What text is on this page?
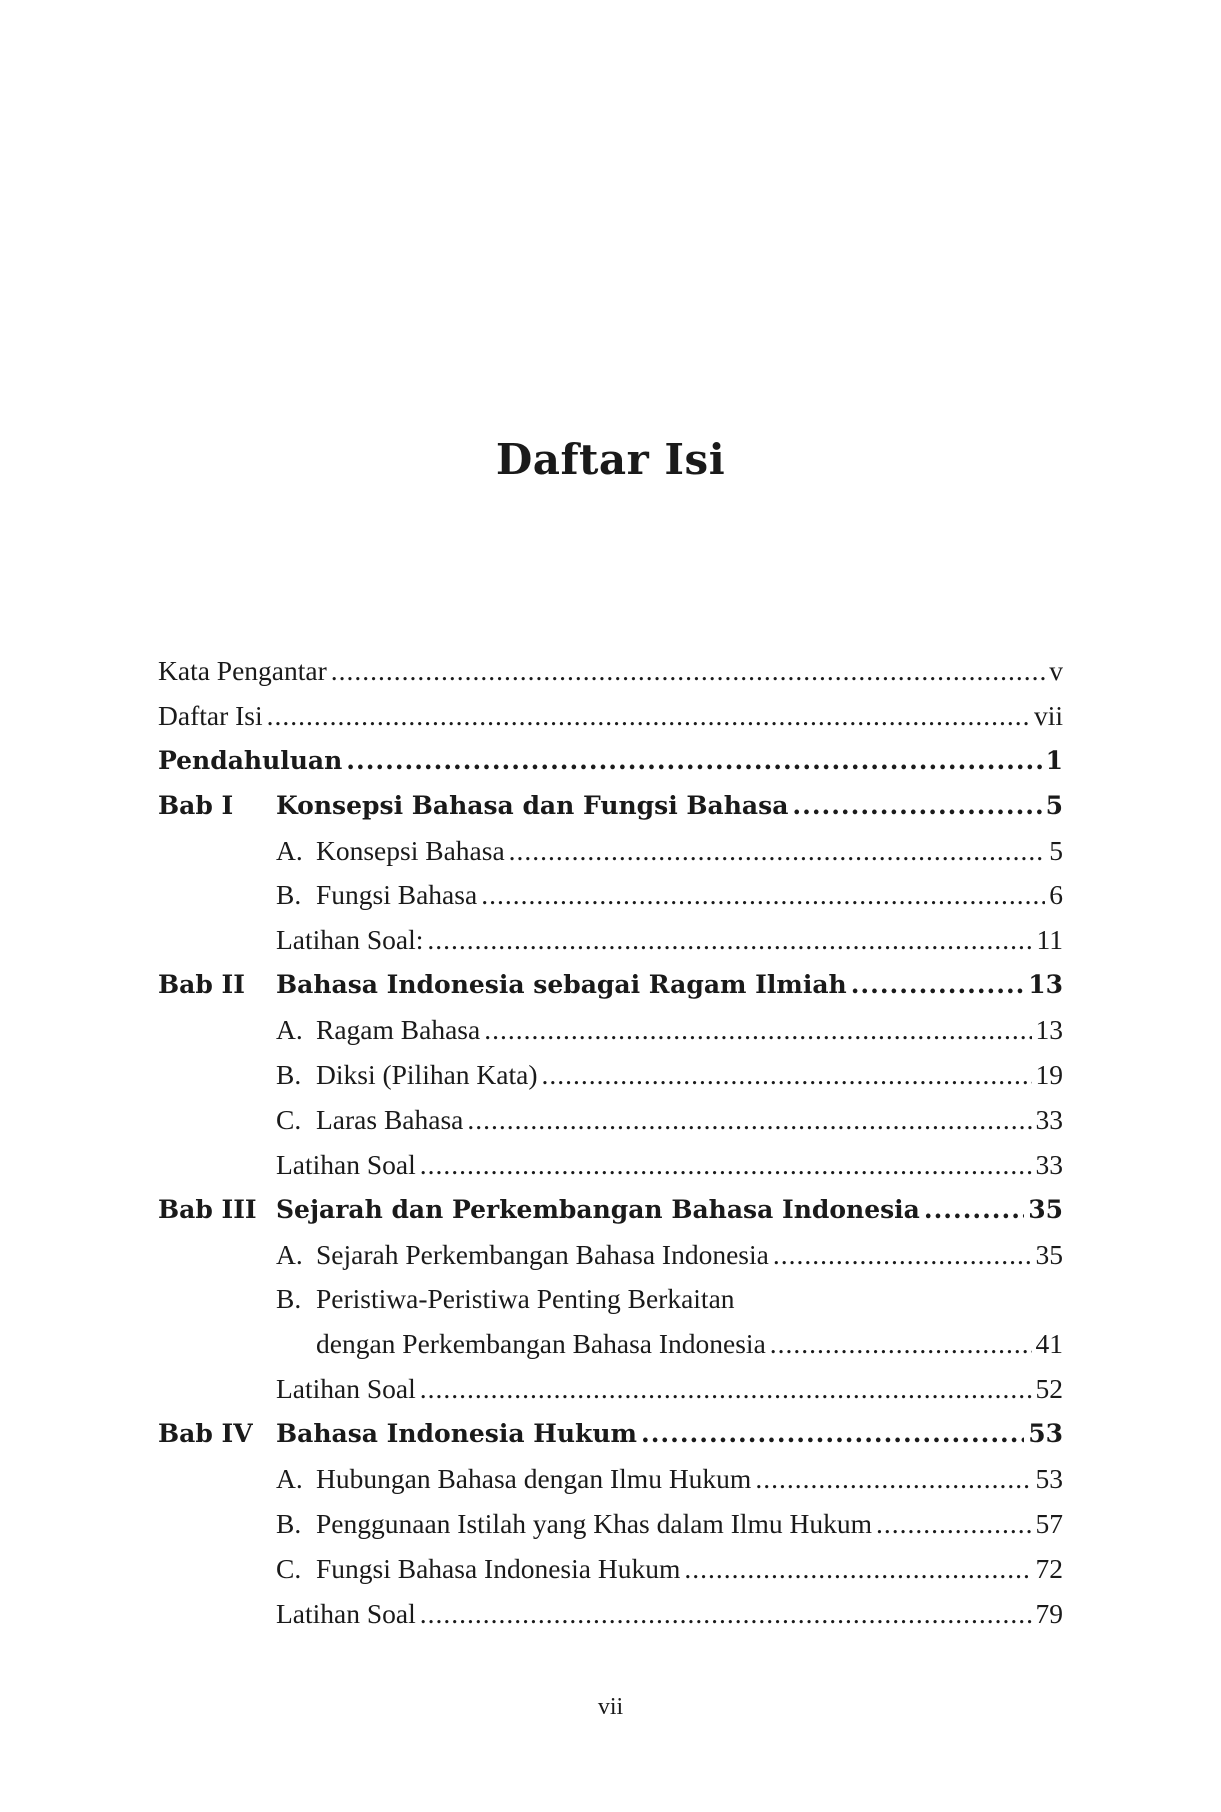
Daftar Isi
Kata Pengantar .....	v
Daftar Isi .....	vii
Pendahuluan .....	1
Bab I	Konsepsi Bahasa dan Fungsi Bahasa .....	5
A. Konsepsi Bahasa .....	5
B. Fungsi Bahasa .....	6
Latihan Soal: .....	11
Bab II	Bahasa Indonesia sebagai Ragam Ilmiah .....	13
A. Ragam Bahasa .....	13
B. Diksi (Pilihan Kata) .....	19
C. Laras Bahasa .....	33
Latihan Soal .....	33
Bab III Sejarah dan Perkembangan Bahasa Indonesia .....	35
A. Sejarah Perkembangan Bahasa Indonesia .....	35
B. Peristiwa-Peristiwa Penting Berkaitan
dengan Perkembangan Bahasa Indonesia .....	41
Latihan Soal .....	52
Bab IV Bahasa Indonesia Hukum .....	53
A. Hubungan Bahasa dengan Ilmu Hukum .....	53
B. Penggunaan Istilah yang Khas dalam Ilmu Hukum .....	57
C. Fungsi Bahasa Indonesia Hukum .....	72
Latihan Soal .....	79
vii
